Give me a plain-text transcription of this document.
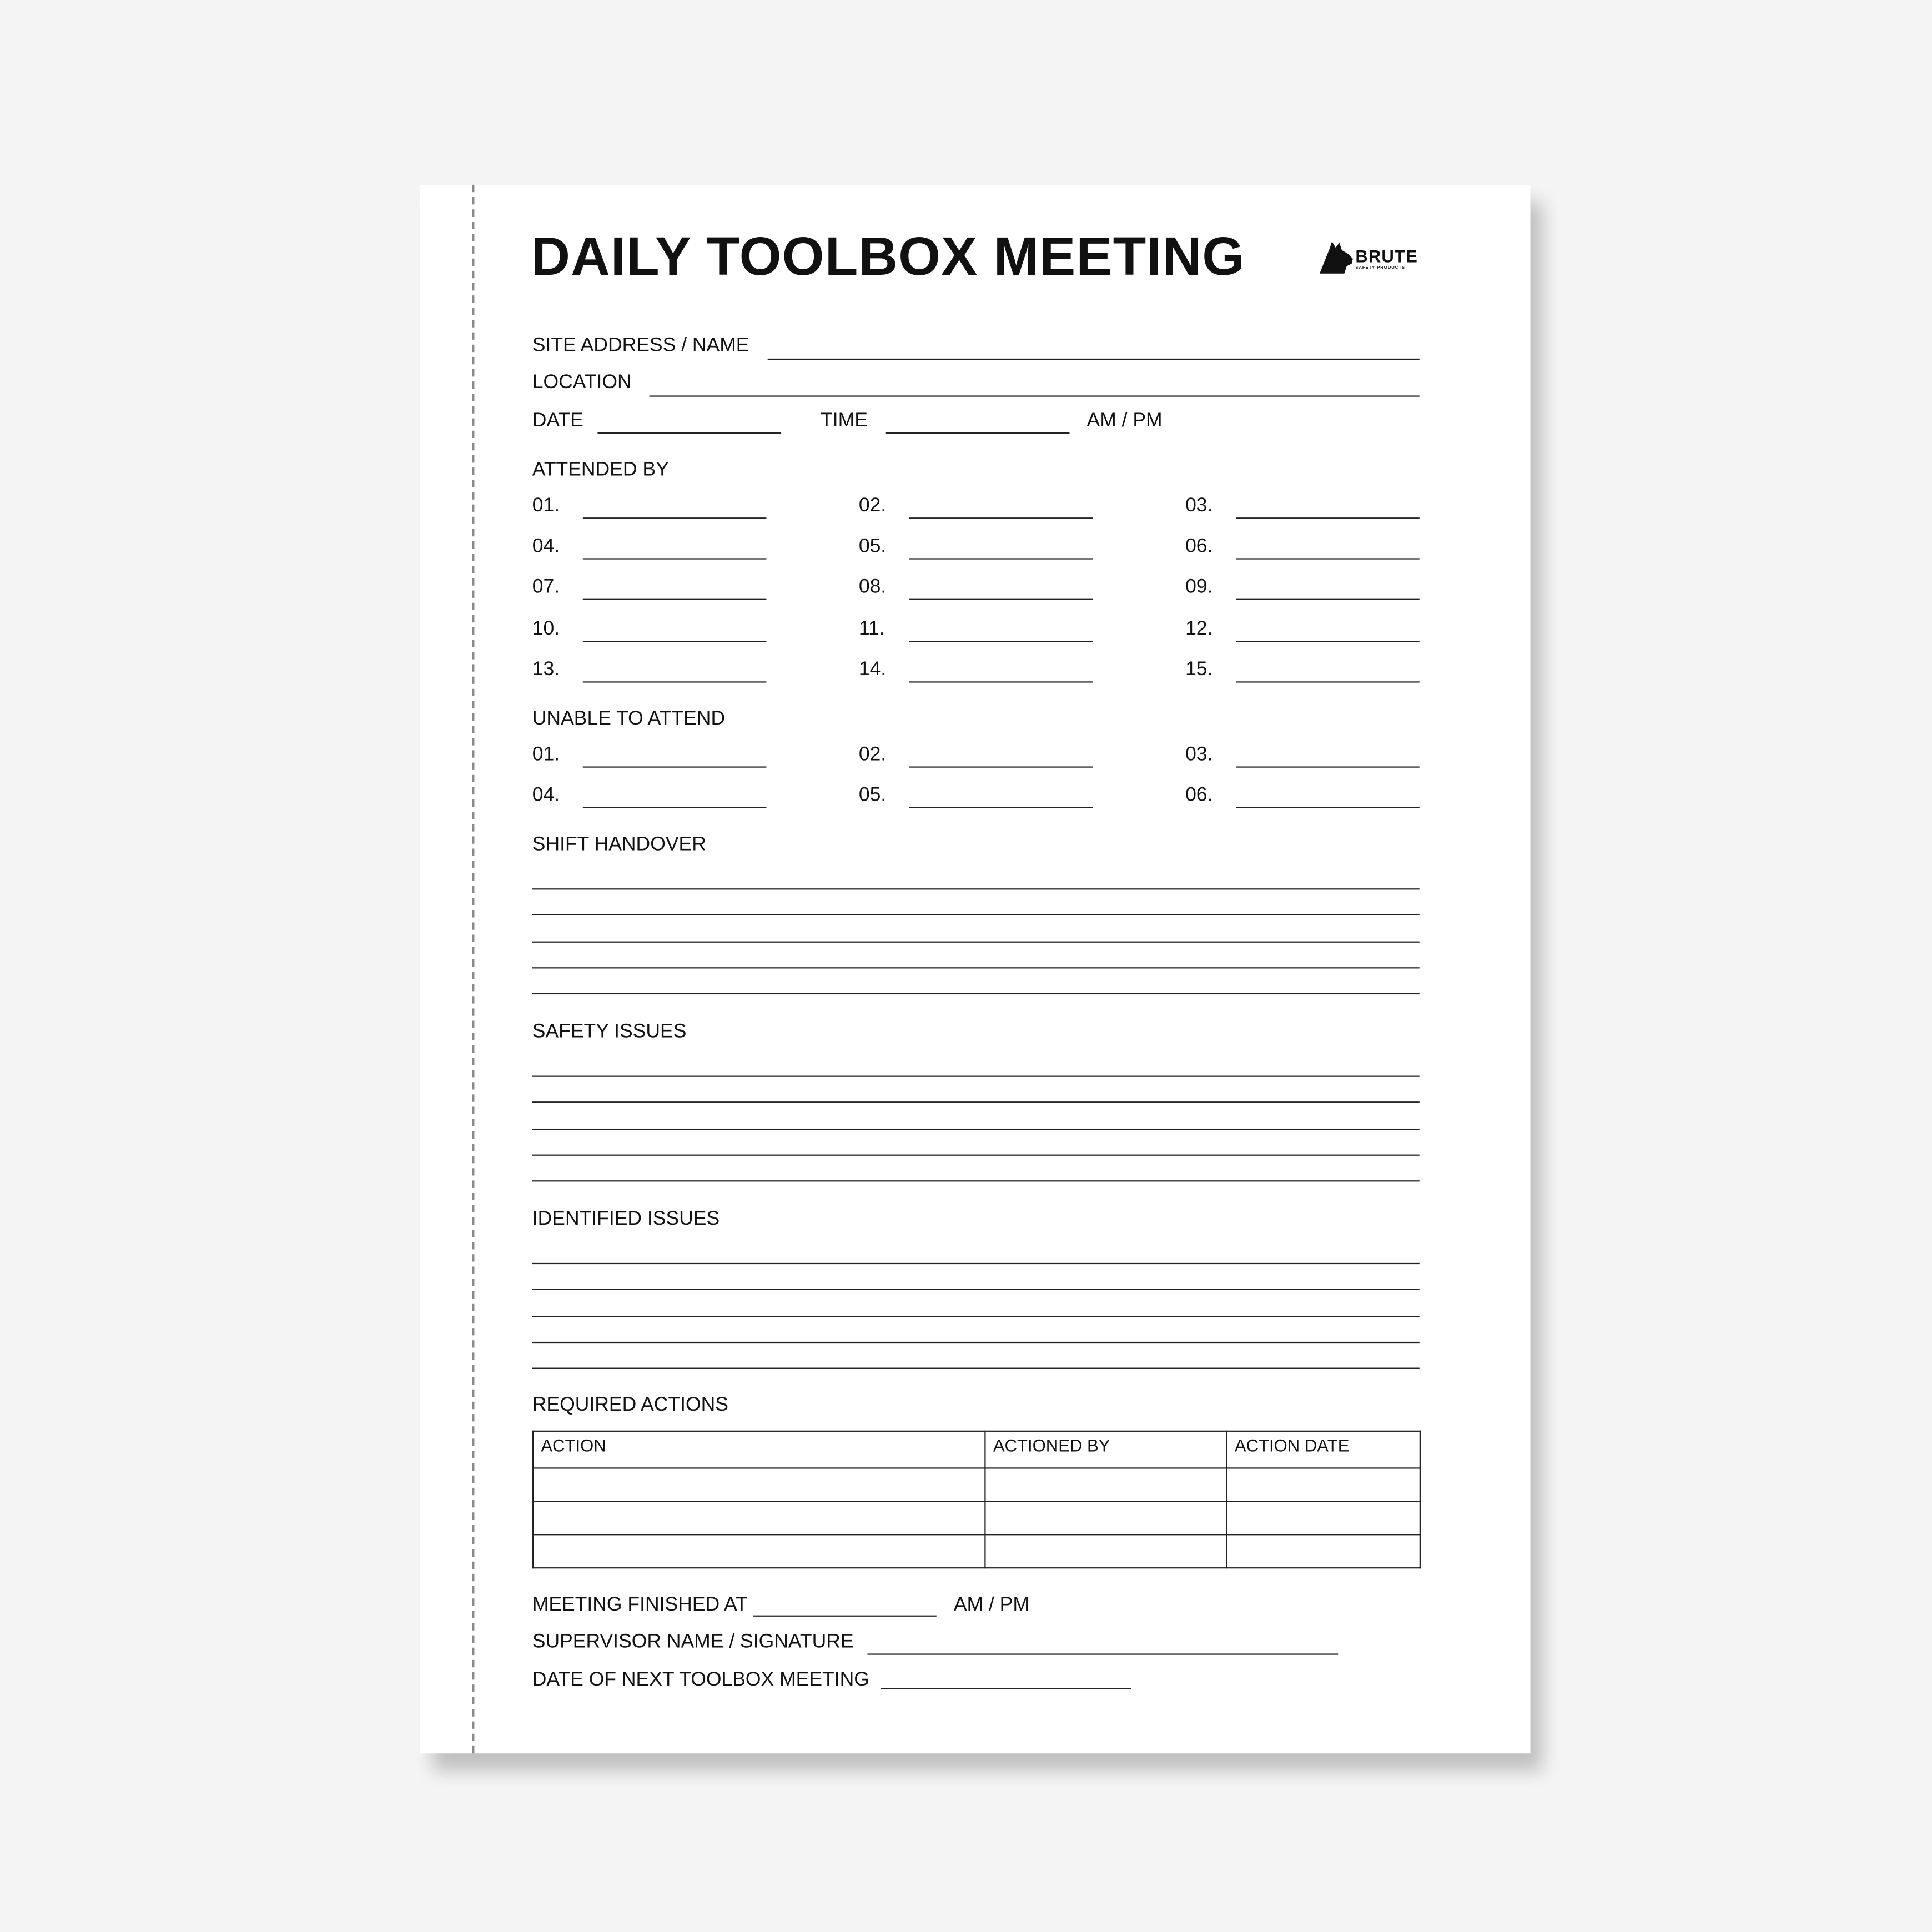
DAILY TOOLBOX MEETING	BRUTE
SAFETY PRODUCTS
SITE ADDRESS / NAME
LOCATION
DATE	TIME	AM / PM
ATTENDED BY
01.	02.	03.
04.	05.	06.
07.	08.	09.
10.	11.	12.
13.	14.	15.
UNABLE TO ATTEND
01.	02.	03.
04.	05.	06.
SHIFT HANDOVER
SAFETY ISSUES
IDENTIFIED ISSUES
REQUIRED ACTIONS
ACTION	ACTIONED BY	ACTION DATE

MEETING FINISHED AT	AM / PM
SUPERVISOR NAME / SIGNATURE
DATE OF NEXT TOOLBOX MEETING
